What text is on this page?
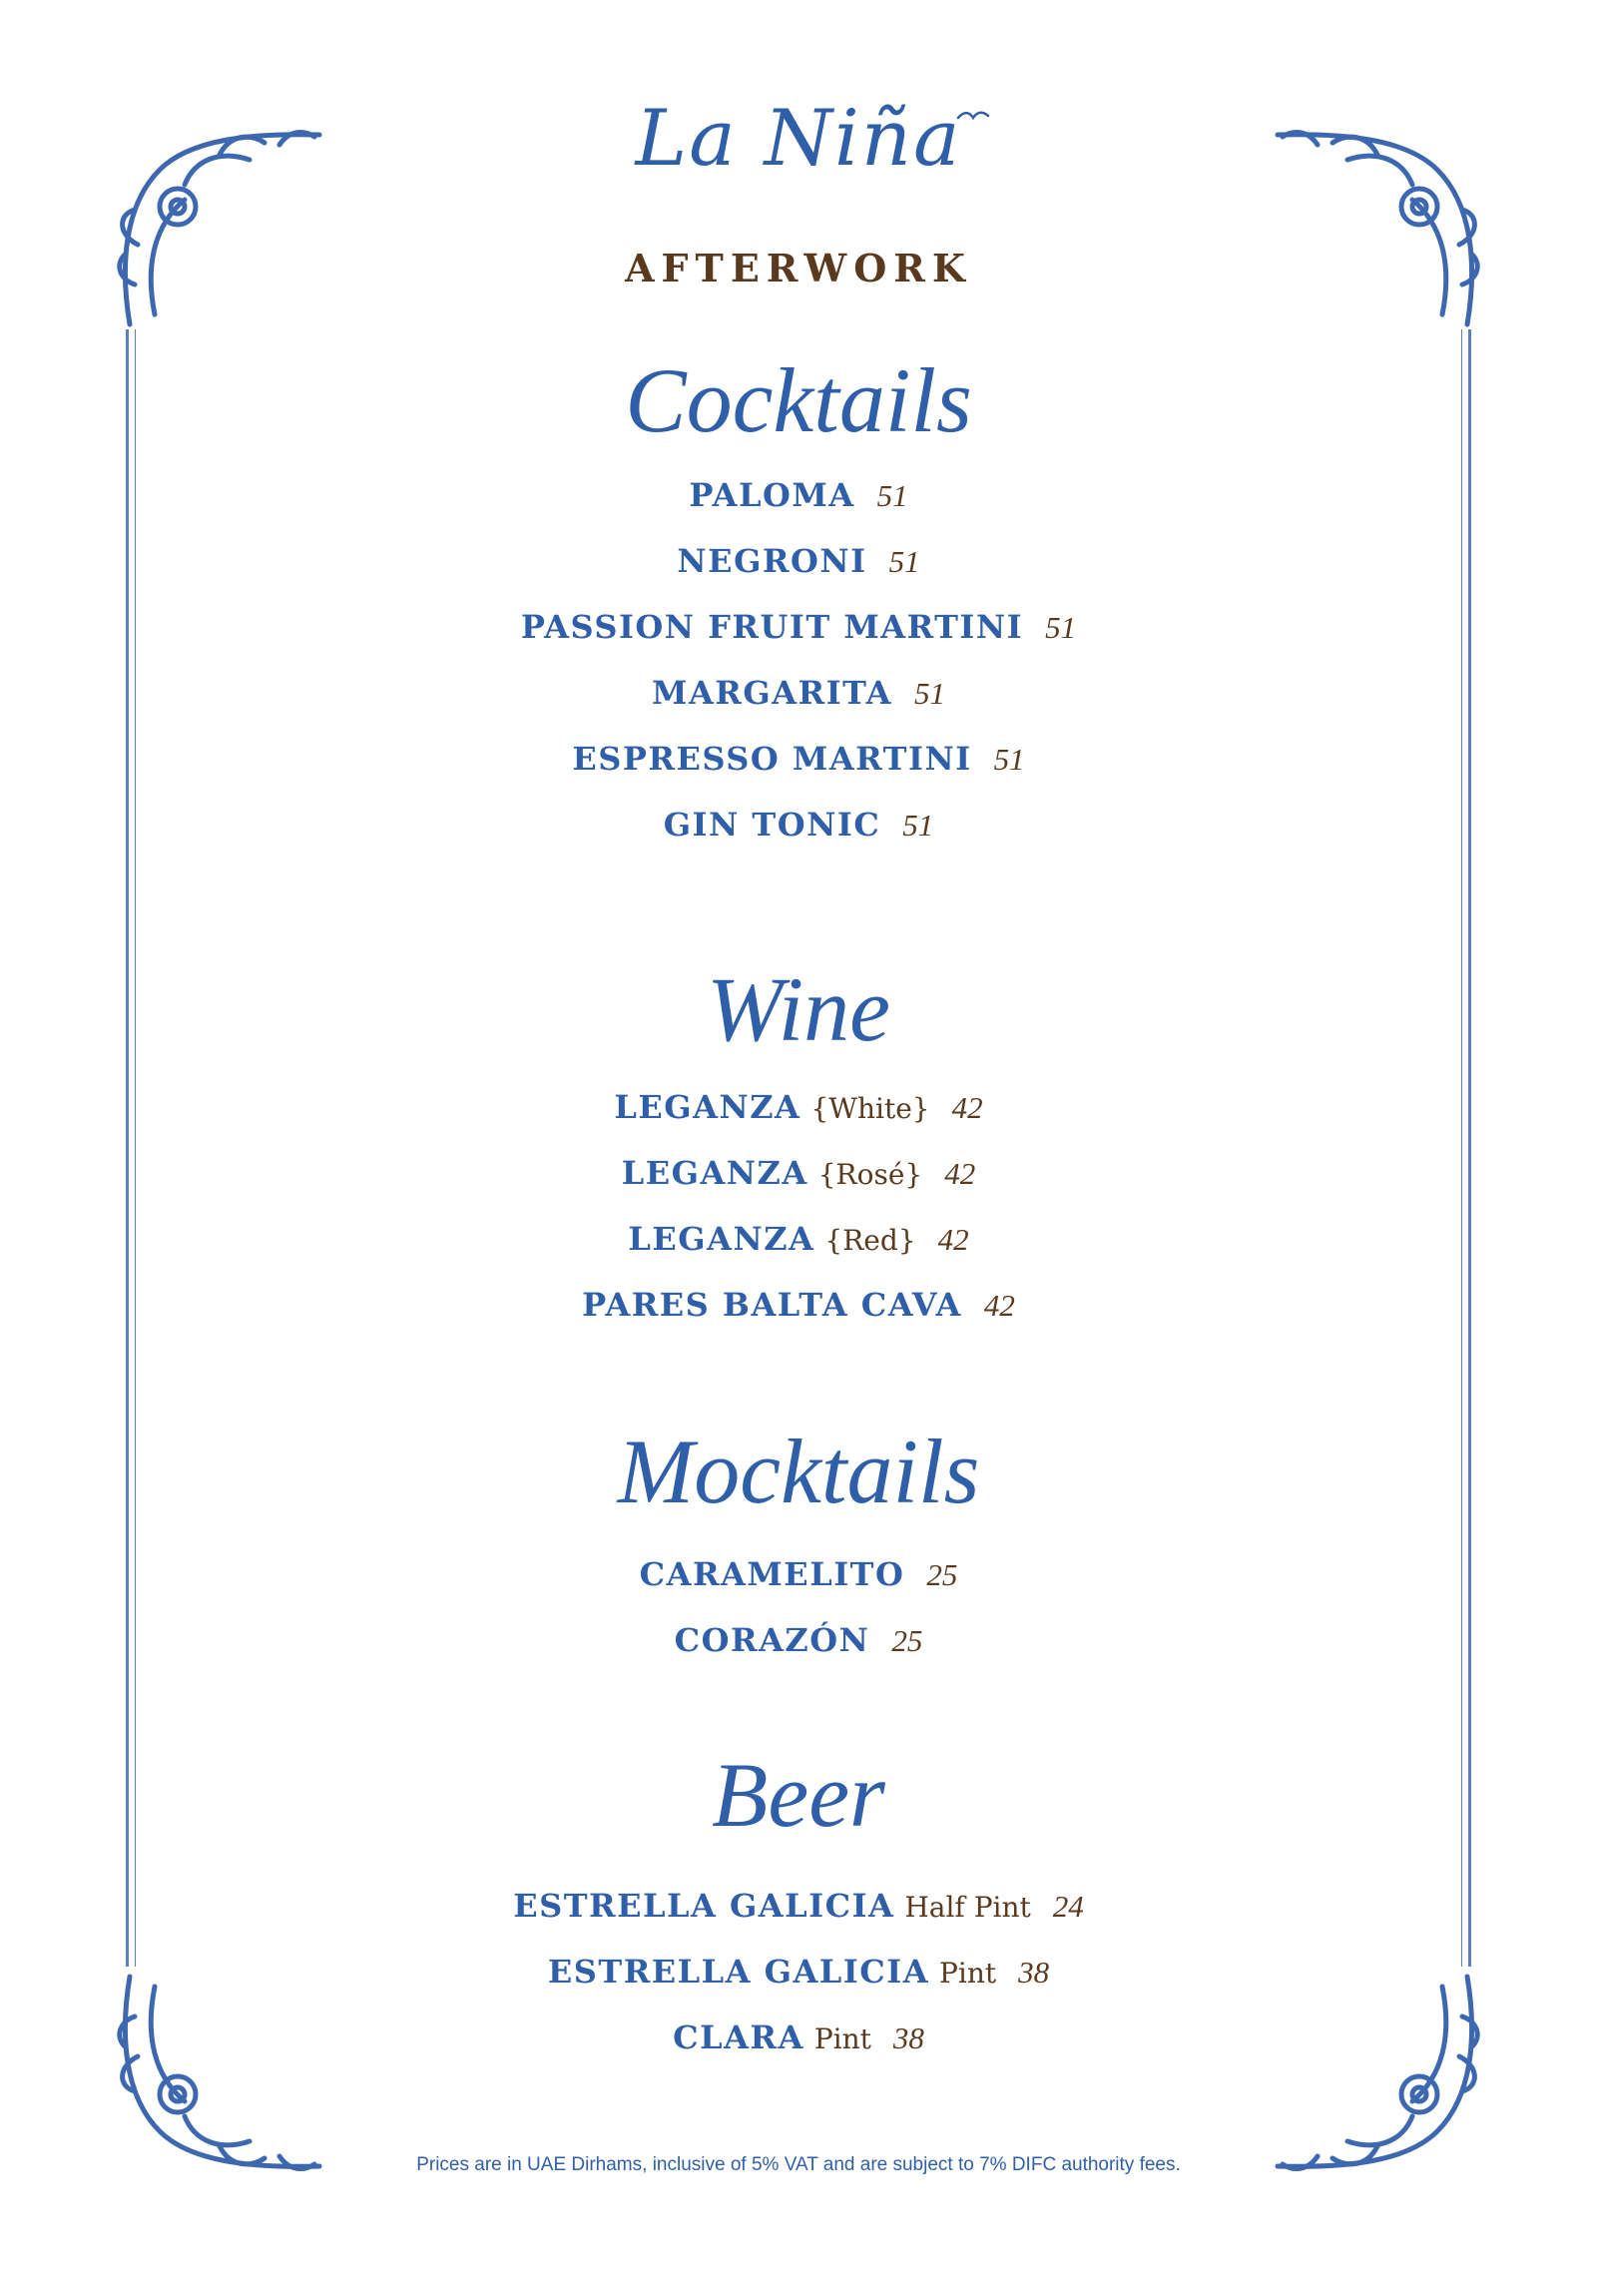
La Niña
AFTERWORK
Cocktails
PALOMA 51
NEGRONI 51
PASSION FRUIT MARTINI 51
MARGARITA 51
ESPRESSO MARTINI 51
GIN TONIC 51
Wine
LEGANZA {White} 42
LEGANZA {Rosé} 42
LEGANZA {Red} 42
PARES BALTA CAVA 42
Mocktails
CARAMELITO 25
CORAZÓN 25
Beer
ESTRELLA GALICIA Half Pint 24
ESTRELLA GALICIA Pint 38
CLARA Pint 38
Prices are in UAE Dirhams, inclusive of 5% VAT and are subject to 7% DIFC authority fees.
